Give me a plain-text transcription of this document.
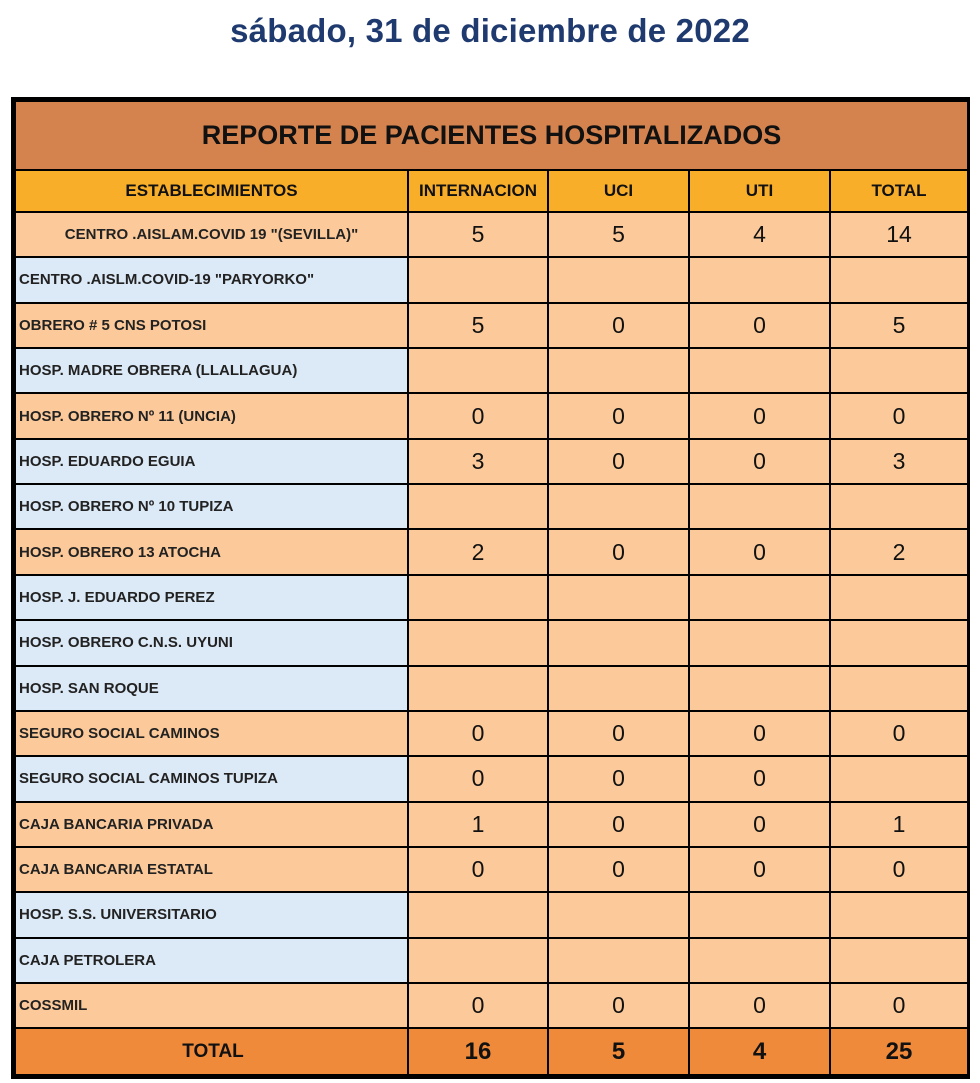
sábado, 31 de diciembre de 2022
REPORTE DE PACIENTES HOSPITALIZADOS				
ESTABLECIMIENTOS	INTERNACION	UCI	UTI	TOTAL
CENTRO .AISLAM.COVID 19 "(SEVILLA)"	5	5	4	14
CENTRO .AISLM.COVID-19 "PARYORKO"				
OBRERO # 5 CNS POTOSI	5	0	0	5
HOSP. MADRE OBRERA (LLALLAGUA)				
HOSP. OBRERO Nº 11 (UNCIA)	0	0	0	0
HOSP. EDUARDO EGUIA	3	0	0	3
HOSP. OBRERO Nº 10 TUPIZA				
HOSP. OBRERO 13 ATOCHA	2	0	0	2
HOSP. J. EDUARDO PEREZ				
HOSP. OBRERO C.N.S. UYUNI				
HOSP. SAN ROQUE				
SEGURO SOCIAL CAMINOS	0	0	0	0
SEGURO SOCIAL CAMINOS TUPIZA	0	0	0	
CAJA BANCARIA PRIVADA	1	0	0	1
CAJA BANCARIA ESTATAL	0	0	0	0
HOSP. S.S. UNIVERSITARIO				
CAJA PETROLERA				
COSSMIL	0	0	0	0
TOTAL	16	5	4	25
